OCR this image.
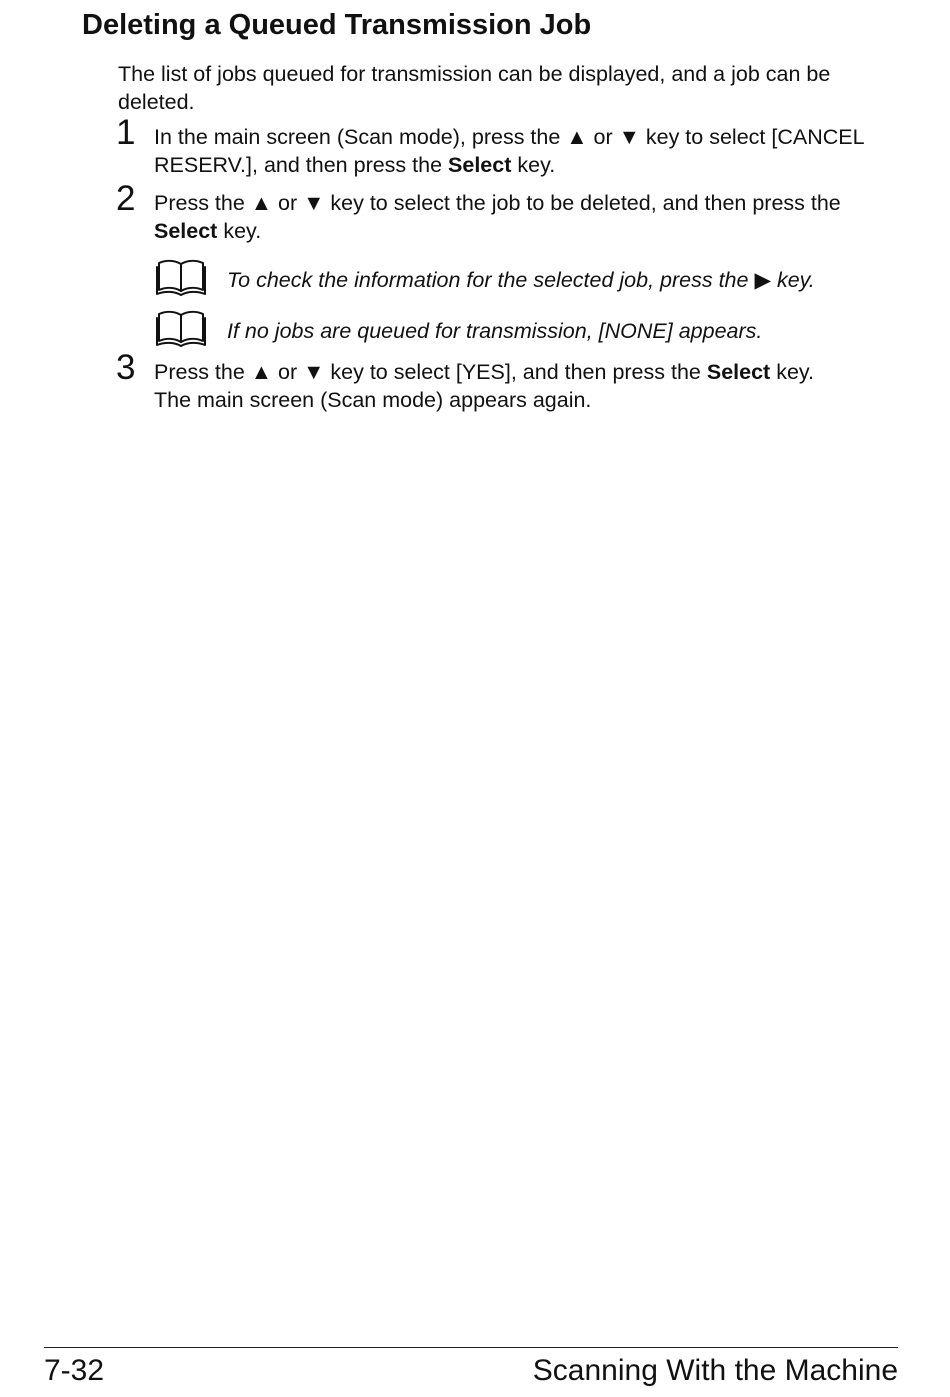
Deleting a Queued Transmission Job

The list of jobs queued for transmission can be displayed, and a job can be
deleted.

1 In the main screen (Scan mode), press the ▲ or ▼ key to select [CANCEL
RESERV.], and then press the Select key.
2 Press the ▲ or ▼ key to select the job to be deleted, and then press the
Select key.
To check the information for the selected job, press the ▶ key.
If no jobs are queued for transmission, [NONE] appears.
3 Press the ▲ or ▼ key to select [YES], and then press the Select key.
The main screen (Scan mode) appears again.
7-32	Scanning With the Machine
